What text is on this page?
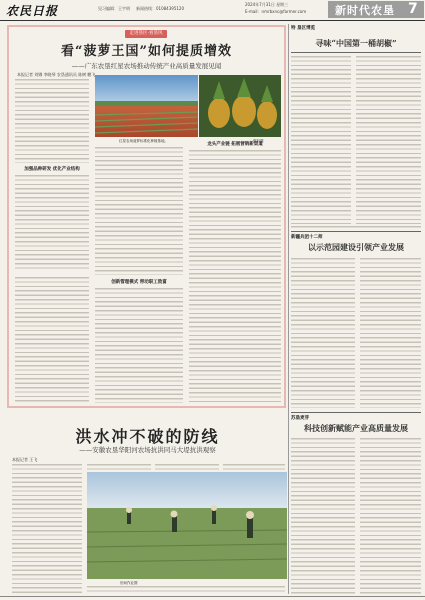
农民日报	见习编辑：王宇明 新闻热线：01084395120
2024年7月31日 星期三
E-mail：nmrbxnc@farmer.com	新时代农垦 7
走进垦区·看垦风
看“菠萝王国”如何提质增效
——广东农垦红星农场推动传统产业高质量发展见闻
本报记者 刘娜 李晓琴 农垦通讯员 陈树 鹏飞
加强品种研发 优化产业结构
红星农场菠萝标准化种植基地。	资料图
创新管理模式 带动职工致富
龙头产业链 拓展营销新渠道
特 垦区博览
寻味“中国第一桶胡椒”
新疆兵团十二师
以示范园建设引领产业发展
苏垦麦芽
科技创新赋能产业高质量发展
洪水冲不破的防线
——安徽农垦华阳河农场抗洪同马大堤抗洪观察
本报记者 王飞
田间作业图
